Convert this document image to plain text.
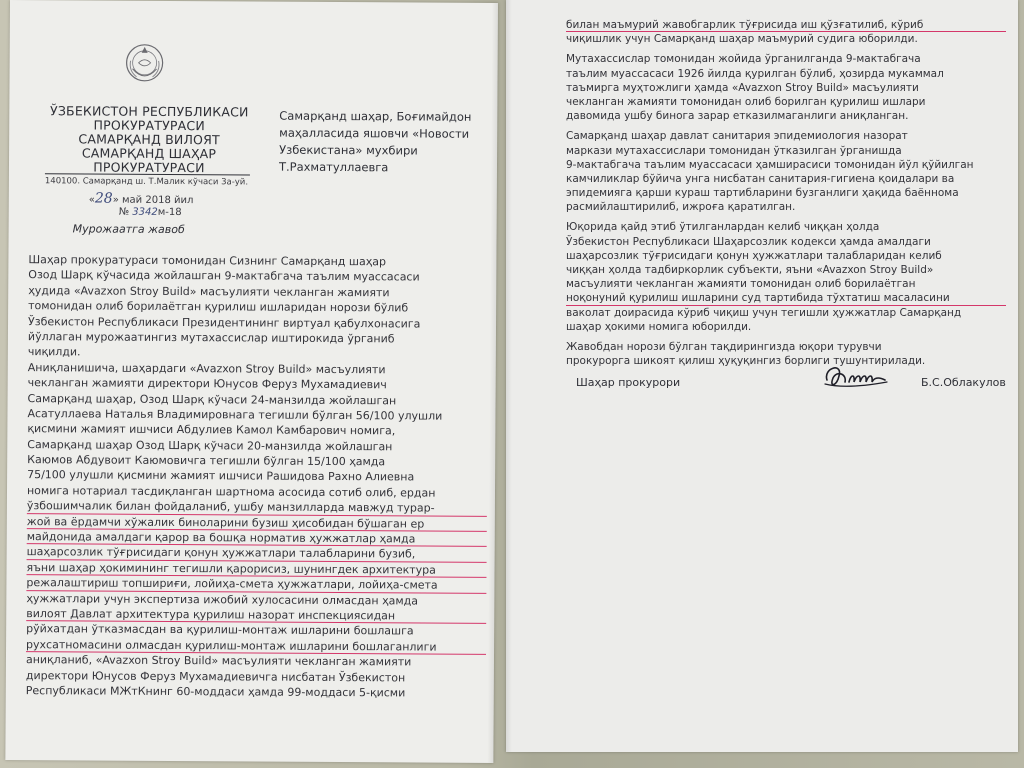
ЎЗБЕКИСТОН РЕСПУБЛИКАСИ
ПРОКУРАТУРАСИ
САМАРҚАНД ВИЛОЯТ
САМАРҚАНД ШАҲАР
ПРОКУРАТУРАСИ
140100. Самарқанд ш. Т.Малик кўчаси 3а-уй.
«28» май 2018 йил
№ 3342м-18
Самарқанд шаҳар, Боғимайдон
маҳалласида яшовчи «Новости
Узбекистана» мухбири
Т.Рахматуллаевга
Мурожаатга жавоб
Шаҳар прокуратураси томонидан Сизнинг Самарқанд шаҳар
Озод Шарқ кўчасида жойлашган 9-мактабгача таълим муассасаси
ҳудида «Avazxon Stroy Build» масъулияти чекланган жамияти
томонидан олиб борилаётган қурилиш ишларидан норози бўлиб
Ўзбекистон Республикаси Президентининг виртуал қабулхонасига
йўллаган мурожаатингиз мутахассислар иштирокида ўрганиб
чиқилди.
Аниқланишича, шаҳардаги «Avazxon Stroy Build» масъулияти
чекланган жамияти директори Юнусов Феруз Мухамадиевич
Самарқанд шаҳар, Озод Шарқ кўчаси 24-манзилда жойлашган
Асатуллаева Наталья Владимировнага тегишли бўлган 56/100 улушли
қисмини жамият ишчиси Абдулиев Камол Камбарович номига,
Самарқанд шаҳар Озод Шарқ кўчаси 20-манзилда жойлашган
Каюмов Абдувоит Каюмовичга тегишли бўлган 15/100 ҳамда
75/100 улушли қисмини жамият ишчиси Рашидова Рахно Алиевна
номига нотариал тасдиқланган шартнома асосида сотиб олиб, ердан
ўзбошимчалик билан фойдаланиб, ушбу манзилларда мавжуд турар-
жой ва ёрдамчи хўжалик биноларини бузиш ҳисобидан бўшаган ер
майдонида амалдаги қарор ва бошқа норматив ҳужжатлар ҳамда
шаҳарсозлик тўғрисидаги қонун ҳужжатлари талабларини бузиб,
яъни шаҳар ҳокимининг тегишли қарорисиз, шунингдек архитектура
режалаштириш топшириғи, лойиҳа-смета ҳужжатлари, лойиҳа-смета
ҳужжатлари учун экспертиза ижобий хулосасини олмасдан ҳамда
вилоят Давлат архитектура қурилиш назорат инспекциясидан
рўйхатдан ўтказмасдан ва қурилиш-монтаж ишларини бошлашга
рухсатномасини олмасдан қурилиш-монтаж ишларини бошлаганлиги
аниқланиб, «Avazxon Stroy Build» масъулияти чекланган жамияти
директори Юнусов Феруз Мухамадиевичга нисбатан Ўзбекистон
Республикаси МЖтКнинг 60-моддаси ҳамда 99-моддаси 5-қисми
билан маъмурий жавобгарлик тўғрисида иш қўзғатилиб, кўриб
чиқишлик учун Самарқанд шаҳар маъмурий судига юборилди.
Мутахассислар томонидан жойида ўрганилганда 9-мактабгача
таълим муассасаси 1926 йилда қурилган бўлиб, ҳозирда мукаммал
таъмирга муҳтожлиги ҳамда «Avazxon Stroy Build» масъулияти
чекланган жамияти томонидан олиб борилган қурилиш ишлари
давомида ушбу бинога зарар етказилмаганлиги аниқланган.
Самарқанд шаҳар давлат санитария эпидемиология назорат
маркази мутахассислари томонидан ўтказилган ўрганишда
9-мактабгача таълим муассасаси ҳамширасиси томонидан йўл қўйилган
камчиликлар бўйича унга нисбатан санитария-гигиена қоидалари ва
эпидемияга қарши кураш тартибларини бузганлиги ҳақида баённома
расмийлаштирилиб, ижроға қаратилган.
Юқорида қайд этиб ўтилганлардан келиб чиққан ҳолда
Ўзбекистон Республикаси Шаҳарсозлик кодекси ҳамда амалдаги
шаҳарсозлик тўғрисидаги қонун ҳужжатлари талабларидан келиб
чиққан ҳолда тадбиркорлик субъекти, яъни «Avazxon Stroy Build»
масъулияти чекланган жамияти томонидан олиб борилаётган
ноқонуний қурилиш ишларини суд тартибида тўхтатиш масаласини
ваколат доирасида кўриб чиқиш учун тегишли ҳужжатлар Самарқанд
шаҳар ҳокими номига юборилди.
Жавобдан норози бўлган тақдирингизда юқори турувчи
прокурорга шикоят қилиш ҳуқуқингиз борлиги тушунтирилади.
Шаҳар прокурори	Б.С.Облакулов
